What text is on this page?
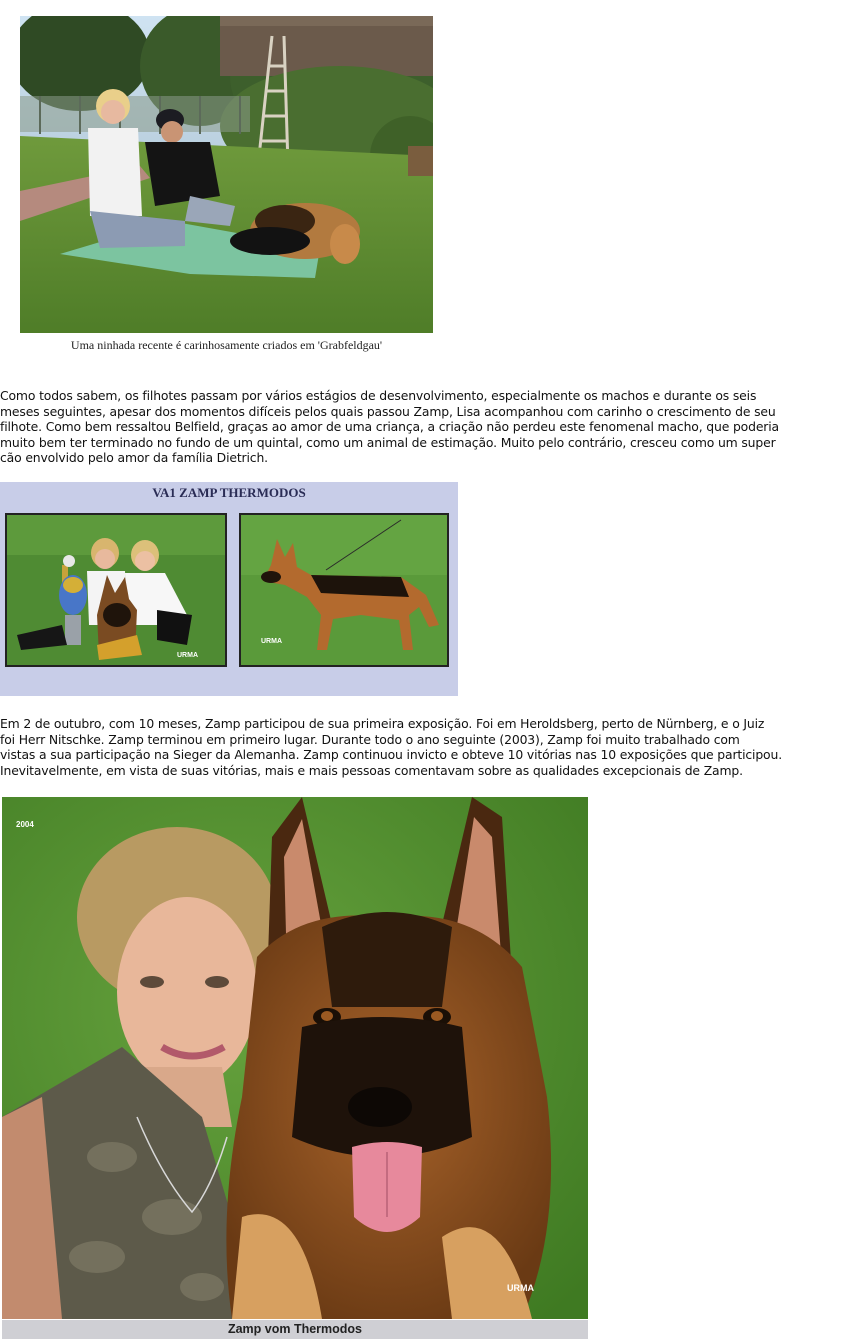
Uma ninhada recente é carinhosamente criados em 'Grabfeldgau'
Como todos sabem, os filhotes passam por vários estágios de desenvolvimento, especialmente os machos e durante os seis
meses seguintes, apesar dos momentos difíceis pelos quais passou Zamp, Lisa acompanhou com carinho o crescimento de seu
filhote. Como bem ressaltou Belfield, graças ao amor de uma criança, a criação não perdeu este fenomenal macho, que poderia
muito bem ter terminado no fundo de um quintal, como um animal de estimação. Muito pelo contrário, cresceu como um super
cão envolvido pelo amor da família Dietrich.
VA1 ZAMP THERMODOS
URMA
URMA
Em 2 de outubro, com 10 meses, Zamp participou de sua primeira exposição. Foi em Heroldsberg, perto de Nürnberg, e o Juiz
foi Herr Nitschke. Zamp terminou em primeiro lugar. Durante todo o ano seguinte (2003), Zamp foi muito trabalhado com
vistas a sua participação na Sieger da Alemanha. Zamp continuou invicto e obteve 10 vitórias nas 10 exposições que participou.
Inevitavelmente, em vista de suas vitórias, mais e mais pessoas comentavam sobre as qualidades excepcionais de Zamp.
2004
URMA
Zamp vom Thermodos
